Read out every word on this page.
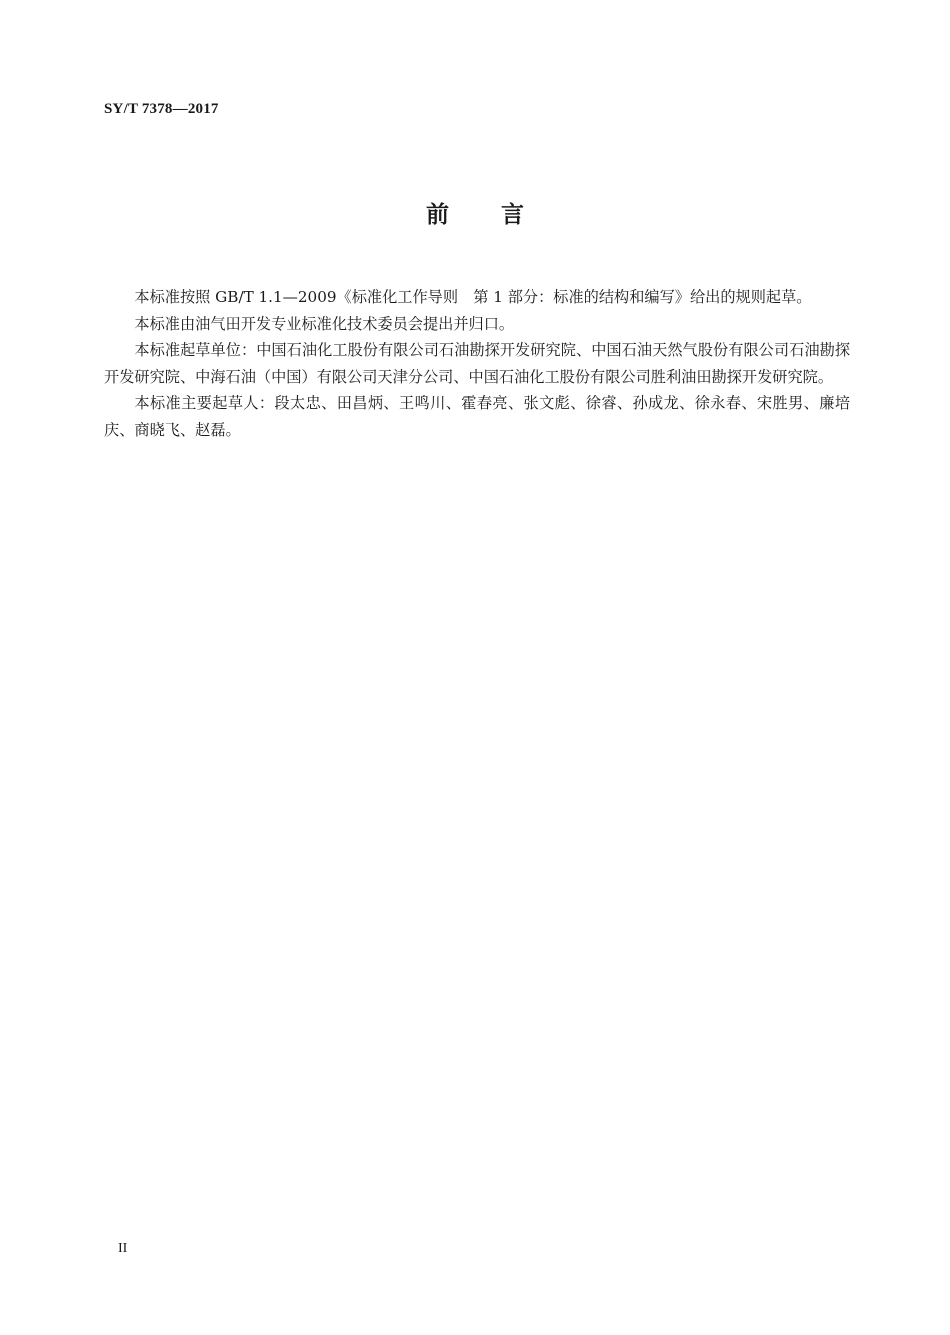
SY/T 7378—2017
前 言

本标准按照 GB/T 1.1—2009《标准化工作导则　第 1 部分：标准的结构和编写》给出的规则起草。

本标准由油气田开发专业标准化技术委员会提出并归口。

本标准起草单位：中国石油化工股份有限公司石油勘探开发研究院、中国石油天然气股份有限公司石油勘探开发研究院、中海石油（中国）有限公司天津分公司、中国石油化工股份有限公司胜利油田勘探开发研究院。

本标准主要起草人：段太忠、田昌炳、王鸣川、霍春亮、张文彪、徐睿、孙成龙、徐永春、宋胜男、廉培庆、商晓飞、赵磊。

II
